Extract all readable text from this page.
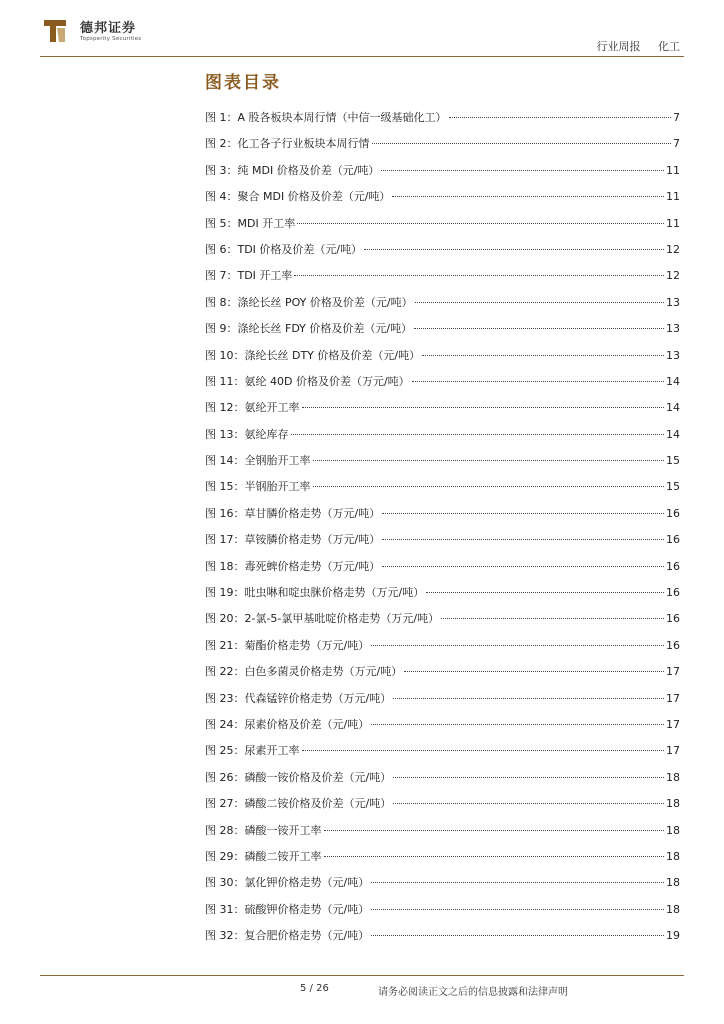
德邦证券
Topsperity Securities
行业周报 化工
图表目录
图 1：A 股各板块本周行情（中信一级基础化工）	7
图 2：化工各子行业板块本周行情	7
图 3：纯 MDI 价格及价差（元/吨）	11
图 4：聚合 MDI 价格及价差（元/吨）	11
图 5：MDI 开工率	11
图 6：TDI 价格及价差（元/吨）	12
图 7：TDI 开工率	12
图 8：涤纶长丝 POY 价格及价差（元/吨）	13
图 9：涤纶长丝 FDY 价格及价差（元/吨）	13
图 10：涤纶长丝 DTY 价格及价差（元/吨）	13
图 11：氨纶 40D 价格及价差（万元/吨）	14
图 12：氨纶开工率	14
图 13：氨纶库存	14
图 14：全钢胎开工率	15
图 15：半钢胎开工率	15
图 16：草甘膦价格走势（万元/吨）	16
图 17：草铵膦价格走势（万元/吨）	16
图 18：毒死蜱价格走势（万元/吨）	16
图 19：吡虫啉和啶虫脒价格走势（万元/吨）	16
图 20：2-氯-5-氯甲基吡啶价格走势（万元/吨）	16
图 21：菊酯价格走势（万元/吨）	16
图 22：白色多菌灵价格走势（万元/吨）	17
图 23：代森锰锌价格走势（万元/吨）	17
图 24：尿素价格及价差（元/吨）	17
图 25：尿素开工率	17
图 26：磷酸一铵价格及价差（元/吨）	18
图 27：磷酸二铵价格及价差（元/吨）	18
图 28：磷酸一铵开工率	18
图 29：磷酸二铵开工率	18
图 30：氯化钾价格走势（元/吨）	18
图 31：硫酸钾价格走势（元/吨）	18
图 32：复合肥价格走势（元/吨）	19
5 / 26	请务必阅读正文之后的信息披露和法律声明
